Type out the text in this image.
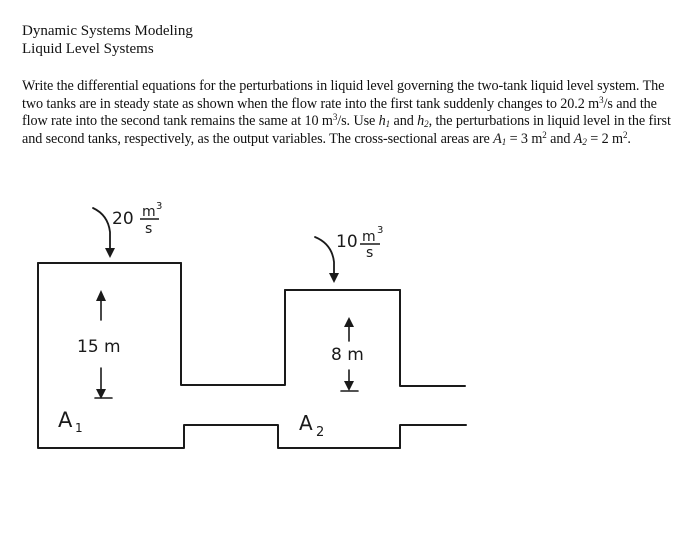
Dynamic Systems Modeling
Liquid Level Systems
Write the differential equations for the perturbations in liquid level governing the two-tank liquid level system. The two tanks are in steady state as shown when the flow rate into the first tank suddenly changes to 20.2 $m^3/s$ and the flow rate into the second tank remains the same at 10 $m^3/s$. Use $h_1$ and $h_2$, the perturbations in liquid level in the first and second tanks, respectively, as the output variables. The cross-sectional areas are $A_1 = 3$ $m^2$ and $A_2 = 2$ $m^2$.
20 m 3
s
10 m 3
s
15 m	8 m
A 1	A 2
